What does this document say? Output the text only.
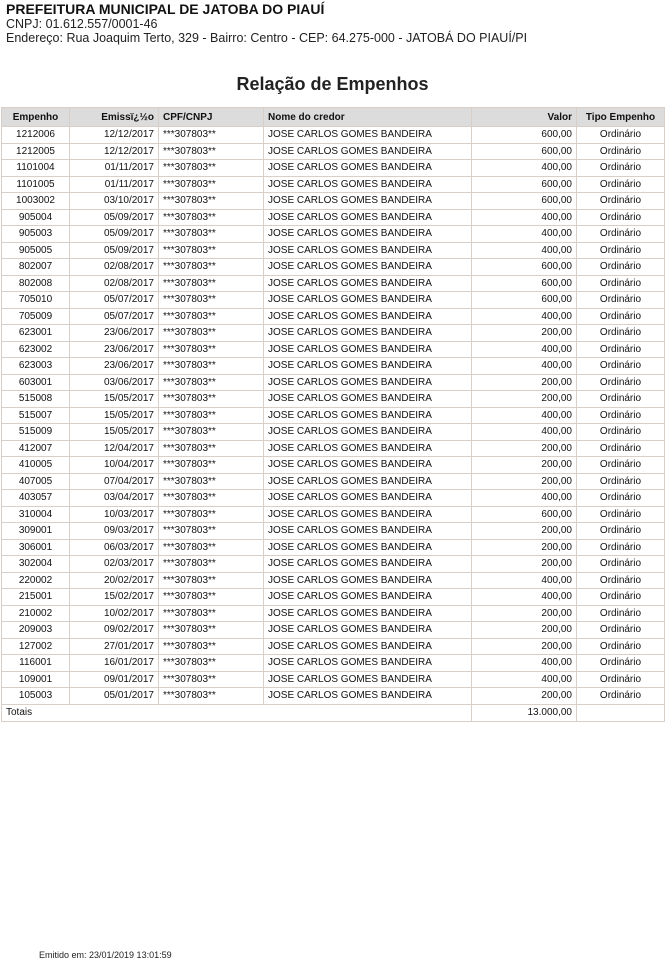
PREFEITURA MUNICIPAL DE JATOBA DO PIAUÍ
CNPJ: 01.612.557/0001-46
Endereço: Rua Joaquim Terto, 329 - Bairro: Centro - CEP: 64.275-000 - JATOBÁ DO PIAUÍ/PI
Relação de Empenhos
Empenho	Emissï¿½o	CPF/CNPJ	Nome do credor	Valor	Tipo Empenho
1212006	12/12/2017	***307803**	JOSE CARLOS GOMES BANDEIRA	600,00	Ordinário
1212005	12/12/2017	***307803**	JOSE CARLOS GOMES BANDEIRA	600,00	Ordinário
1101004	01/11/2017	***307803**	JOSE CARLOS GOMES BANDEIRA	400,00	Ordinário
1101005	01/11/2017	***307803**	JOSE CARLOS GOMES BANDEIRA	600,00	Ordinário
1003002	03/10/2017	***307803**	JOSE CARLOS GOMES BANDEIRA	600,00	Ordinário
905004	05/09/2017	***307803**	JOSE CARLOS GOMES BANDEIRA	400,00	Ordinário
905003	05/09/2017	***307803**	JOSE CARLOS GOMES BANDEIRA	400,00	Ordinário
905005	05/09/2017	***307803**	JOSE CARLOS GOMES BANDEIRA	400,00	Ordinário
802007	02/08/2017	***307803**	JOSE CARLOS GOMES BANDEIRA	600,00	Ordinário
802008	02/08/2017	***307803**	JOSE CARLOS GOMES BANDEIRA	600,00	Ordinário
705010	05/07/2017	***307803**	JOSE CARLOS GOMES BANDEIRA	600,00	Ordinário
705009	05/07/2017	***307803**	JOSE CARLOS GOMES BANDEIRA	400,00	Ordinário
623001	23/06/2017	***307803**	JOSE CARLOS GOMES BANDEIRA	200,00	Ordinário
623002	23/06/2017	***307803**	JOSE CARLOS GOMES BANDEIRA	400,00	Ordinário
623003	23/06/2017	***307803**	JOSE CARLOS GOMES BANDEIRA	400,00	Ordinário
603001	03/06/2017	***307803**	JOSE CARLOS GOMES BANDEIRA	200,00	Ordinário
515008	15/05/2017	***307803**	JOSE CARLOS GOMES BANDEIRA	200,00	Ordinário
515007	15/05/2017	***307803**	JOSE CARLOS GOMES BANDEIRA	400,00	Ordinário
515009	15/05/2017	***307803**	JOSE CARLOS GOMES BANDEIRA	400,00	Ordinário
412007	12/04/2017	***307803**	JOSE CARLOS GOMES BANDEIRA	200,00	Ordinário
410005	10/04/2017	***307803**	JOSE CARLOS GOMES BANDEIRA	200,00	Ordinário
407005	07/04/2017	***307803**	JOSE CARLOS GOMES BANDEIRA	200,00	Ordinário
403057	03/04/2017	***307803**	JOSE CARLOS GOMES BANDEIRA	400,00	Ordinário
310004	10/03/2017	***307803**	JOSE CARLOS GOMES BANDEIRA	600,00	Ordinário
309001	09/03/2017	***307803**	JOSE CARLOS GOMES BANDEIRA	200,00	Ordinário
306001	06/03/2017	***307803**	JOSE CARLOS GOMES BANDEIRA	200,00	Ordinário
302004	02/03/2017	***307803**	JOSE CARLOS GOMES BANDEIRA	200,00	Ordinário
220002	20/02/2017	***307803**	JOSE CARLOS GOMES BANDEIRA	400,00	Ordinário
215001	15/02/2017	***307803**	JOSE CARLOS GOMES BANDEIRA	400,00	Ordinário
210002	10/02/2017	***307803**	JOSE CARLOS GOMES BANDEIRA	200,00	Ordinário
209003	09/02/2017	***307803**	JOSE CARLOS GOMES BANDEIRA	200,00	Ordinário
127002	27/01/2017	***307803**	JOSE CARLOS GOMES BANDEIRA	200,00	Ordinário
116001	16/01/2017	***307803**	JOSE CARLOS GOMES BANDEIRA	400,00	Ordinário
109001	09/01/2017	***307803**	JOSE CARLOS GOMES BANDEIRA	400,00	Ordinário
105003	05/01/2017	***307803**	JOSE CARLOS GOMES BANDEIRA	200,00	Ordinário
Totais				13.000,00	
Emitido em: 23/01/2019 13:01:59
